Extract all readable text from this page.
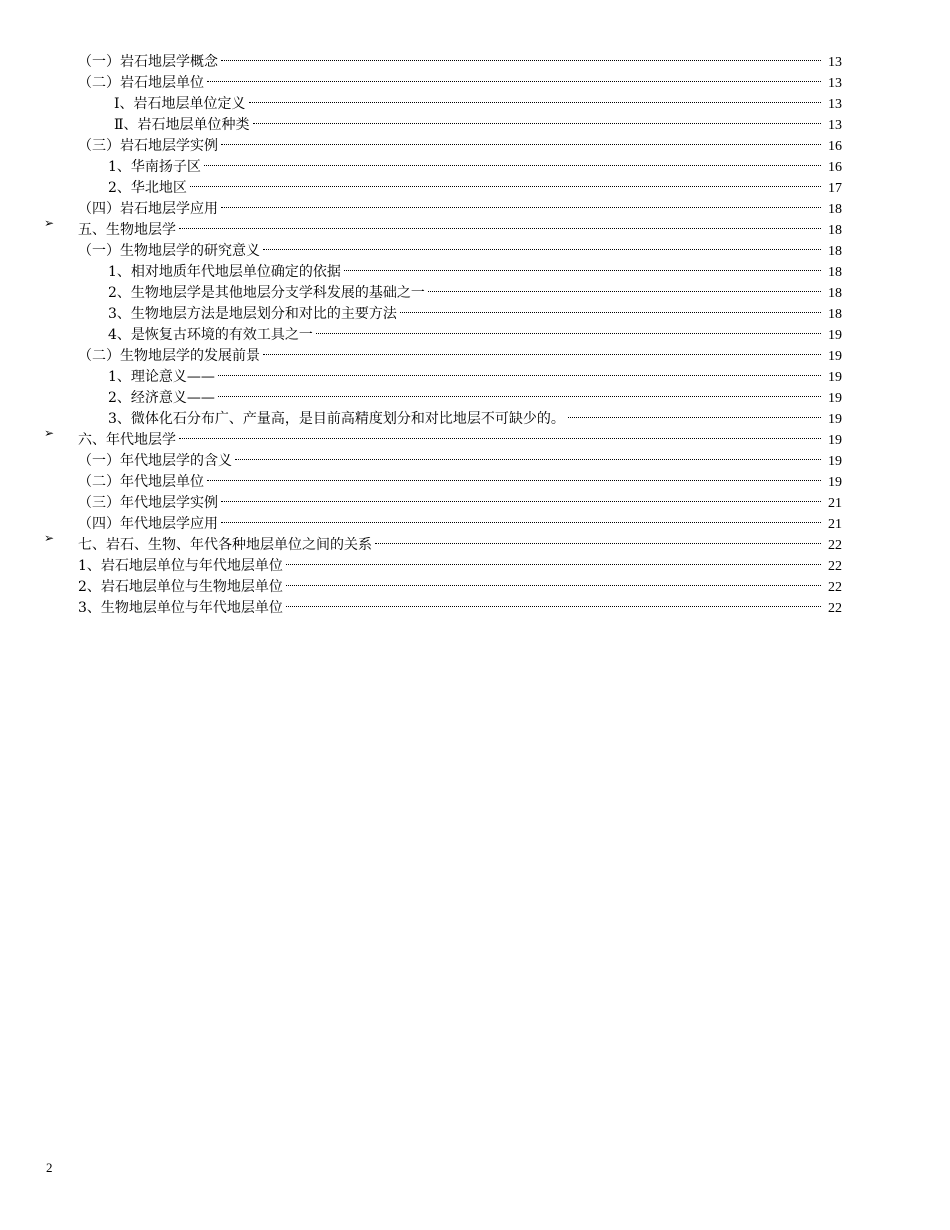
（一）岩石地层学概念	13
（二）岩石地层单位	13
Ⅰ、岩石地层单位定义	13
Ⅱ、岩石地层单位种类	13
（三）岩石地层学实例	16
1、华南扬子区	16
2、华北地区	17
（四）岩石地层学应用	18
➢	五、生物地层学	18
（一）生物地层学的研究意义	18
1、相对地质年代地层单位确定的依据	18
2、生物地层学是其他地层分支学科发展的基础之一	18
3、生物地层方法是地层划分和对比的主要方法	18
4、是恢复古环境的有效工具之一	19
（二）生物地层学的发展前景	19
1、理论意义——	19
2、经济意义——	19
3、微体化石分布广、产量高，是目前高精度划分和对比地层不可缺少的。	19
➢	六、年代地层学	19
（一）年代地层学的含义	19
（二）年代地层单位	19
（三）年代地层学实例	21
（四）年代地层学应用	21
➢	七、岩石、生物、年代各种地层单位之间的关系	22
1、岩石地层单位与年代地层单位	22
2、岩石地层单位与生物地层单位	22
3、生物地层单位与年代地层单位	22
2
